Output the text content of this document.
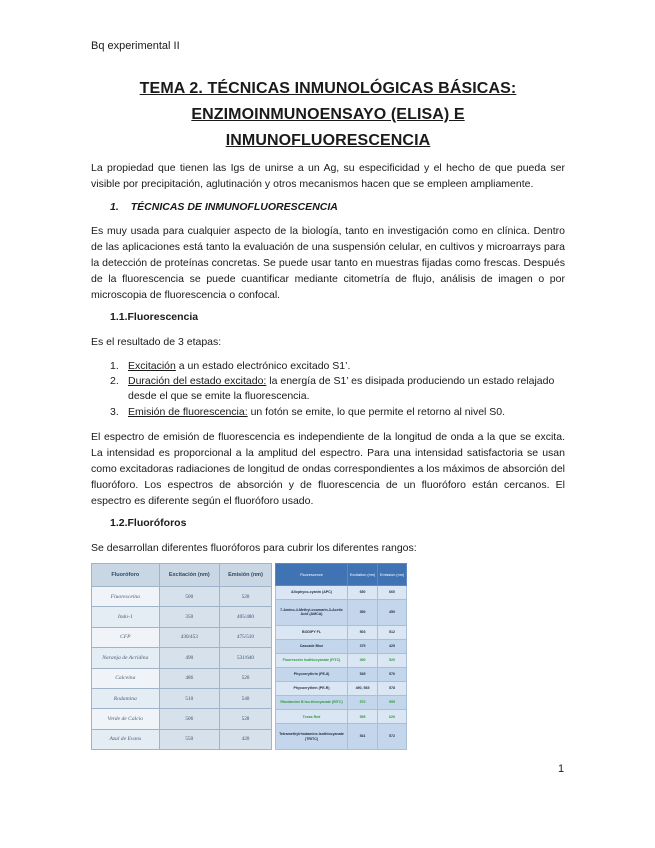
Bq experimental II
TEMA 2. TÉCNICAS INMUNOLÓGICAS BÁSICAS:
ENZIMOINMUNOENSAYO (ELISA) E
INMUNOFLUORESCENCIA
La propiedad que tienen las Igs de unirse a un Ag, su especificidad y el hecho de que pueda ser visible por precipitación, aglutinación y otros mecanismos hacen que se empleen ampliamente.
1. TÉCNICAS DE INMUNOFLUORESCENCIA
Es muy usada para cualquier aspecto de la biología, tanto en investigación como en clínica. Dentro de las aplicaciones está tanto la evaluación de una suspensión celular, en cultivos y microarrays para la detección de proteínas concretas. Se puede usar tanto en muestras fijadas como frescas. Después de la fluorescencia se puede cuantificar mediante citometría de flujo, análisis de imagen o por microscopia de fluorescencia o confocal.
1.1.Fluorescencia
Es el resultado de 3 etapas:
1. Excitación a un estado electrónico excitado S1’.
2. Duración del estado excitado: la energía de S1’ es disipada produciendo un estado relajado desde el que se emite la fluorescencia.
3. Emisión de fluorescencia: un fotón se emite, lo que permite el retorno al nivel S0.
El espectro de emisión de fluorescencia es independiente de la longitud de onda a la que se excita. La intensidad es proporcional a la amplitud del espectro. Para una intensidad satisfactoria se usan como excitadoras radiaciones de longitud de ondas correspondientes a los máximos de absorción del fluoróforo. Los espectros de absorción y de fluorescencia de un fluoróforo están cercanos. El espectro es diferente según el fluoróforo usado.
1.2.Fluoróforos
Se desarrollan diferentes fluoróforos para cubrir los diferentes rangos:
Fluoróforo	Excitación (nm)	Emisión (nm)
Fluoresceína	500	520
Indo-1	350	405/480
CFP	430/453	475/510
Naranja de Acridina	490	531/640
Calceína	486	520
Rodamina	510	540
Verde de Calcio	506	528
Azul de Evans	550	420
Fluorescence	Excitation (nm)	Emission (nm)
Allophyco-cyanin (APC)	650	660
7-Amino-4-Methyl-coumarin-3-Acetic Acid (AMCA)	350	450
BODIPY FL	503	512
Cascade Blue	375	425
Fluorescein Isothiocyanate (FITC)	490	520
Phycoerythrin (PE-8)	545	576
Phycoerythrin (PE-R)	490, 565	578
Rhodamine B Iso-thiocyanate (RITC)	570	595
Texas Red	595	620
Tetramethylrhodamine-Isothiocyanate (TRITC)	541	572
1
